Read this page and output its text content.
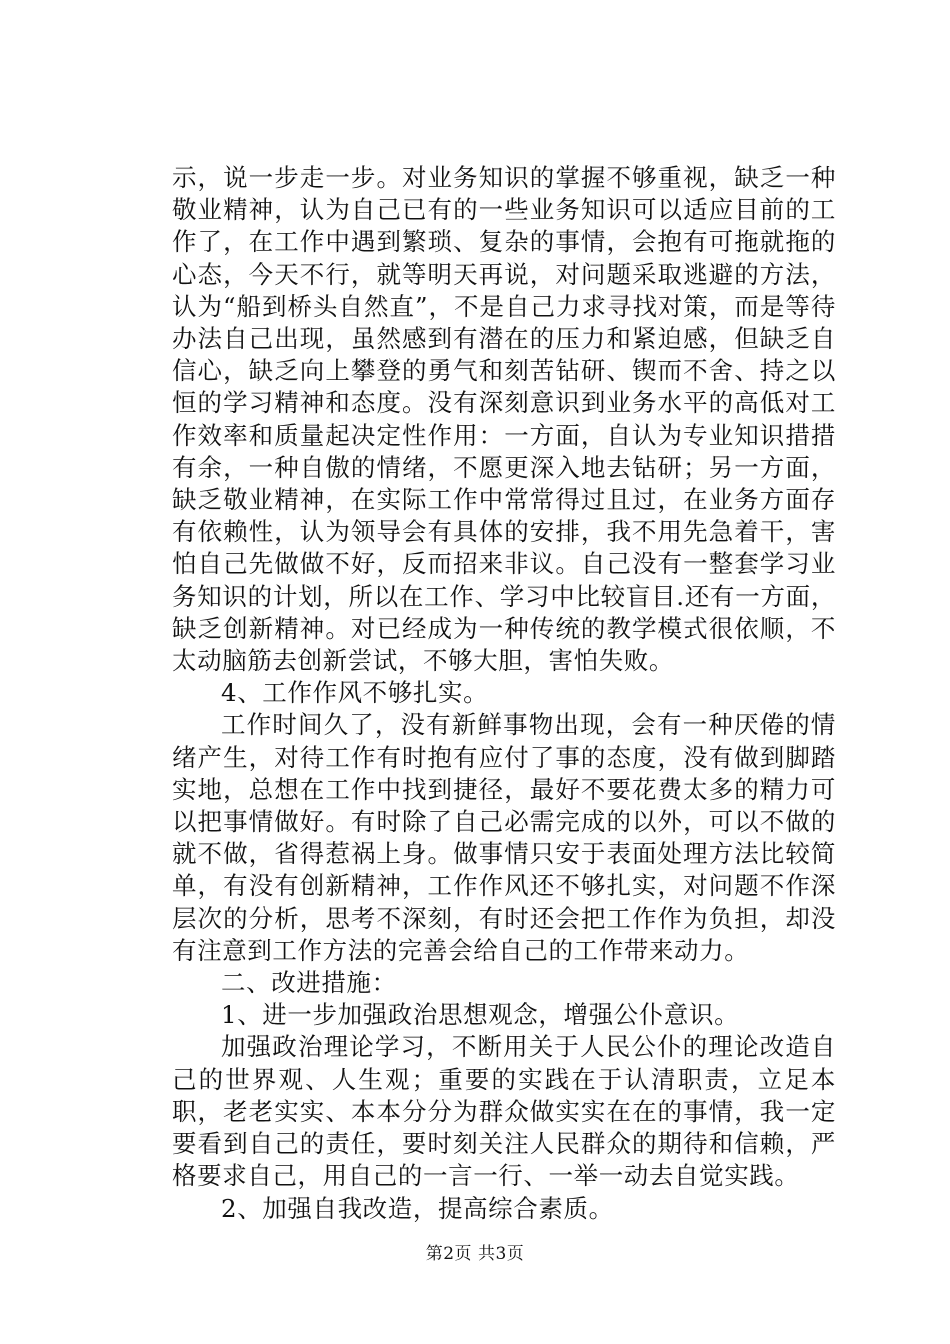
示，说一步走一步。对业务知识的掌握不够重视，缺乏一种敬业精神，认为自己已有的一些业务知识可以适应目前的工作了，在工作中遇到繁琐、复杂的事情，会抱有可拖就拖的心态，今天不行，就等明天再说，对问题采取逃避的方法，认为“船到桥头自然直”，不是自己力求寻找对策，而是等待办法自己出现，虽然感到有潜在的压力和紧迫感，但缺乏自信心，缺乏向上攀登的勇气和刻苦钻研、锲而不舍、持之以恒的学习精神和态度。没有深刻意识到业务水平的高低对工作效率和质量起决定性作用：一方面，自认为专业知识措措有余，一种自傲的情绪，不愿更深入地去钻研；另一方面，缺乏敬业精神，在实际工作中常常得过且过，在业务方面存有依赖性，认为领导会有具体的安排，我不用先急着干，害怕自己先做做不好，反而招来非议。自己没有一整套学习业务知识的计划，所以在工作、学习中比较盲目.还有一方面，缺乏创新精神。对已经成为一种传统的教学模式很依顺，不太动脑筋去创新尝试，不够大胆，害怕失败。

4、工作作风不够扎实。

工作时间久了，没有新鲜事物出现，会有一种厌倦的情绪产生，对待工作有时抱有应付了事的态度，没有做到脚踏实地，总想在工作中找到捷径，最好不要花费太多的精力可以把事情做好。有时除了自己必需完成的以外，可以不做的就不做，省得惹祸上身。做事情只安于表面处理方法比较简单，有没有创新精神，工作作风还不够扎实，对问题不作深层次的分析，思考不深刻，有时还会把工作作为负担，却没有注意到工作方法的完善会给自己的工作带来动力。

二、改进措施：

1、进一步加强政治思想观念，增强公仆意识。

加强政治理论学习，不断用关于人民公仆的理论改造自己的世界观、人生观；重要的实践在于认清职责，立足本职，老老实实、本本分分为群众做实实在在的事情，我一定要看到自己的责任，要时刻关注人民群众的期待和信赖，严格要求自己，用自己的一言一行、一举一动去自觉实践。

2、加强自我改造，提高综合素质。

第2页 共3页
